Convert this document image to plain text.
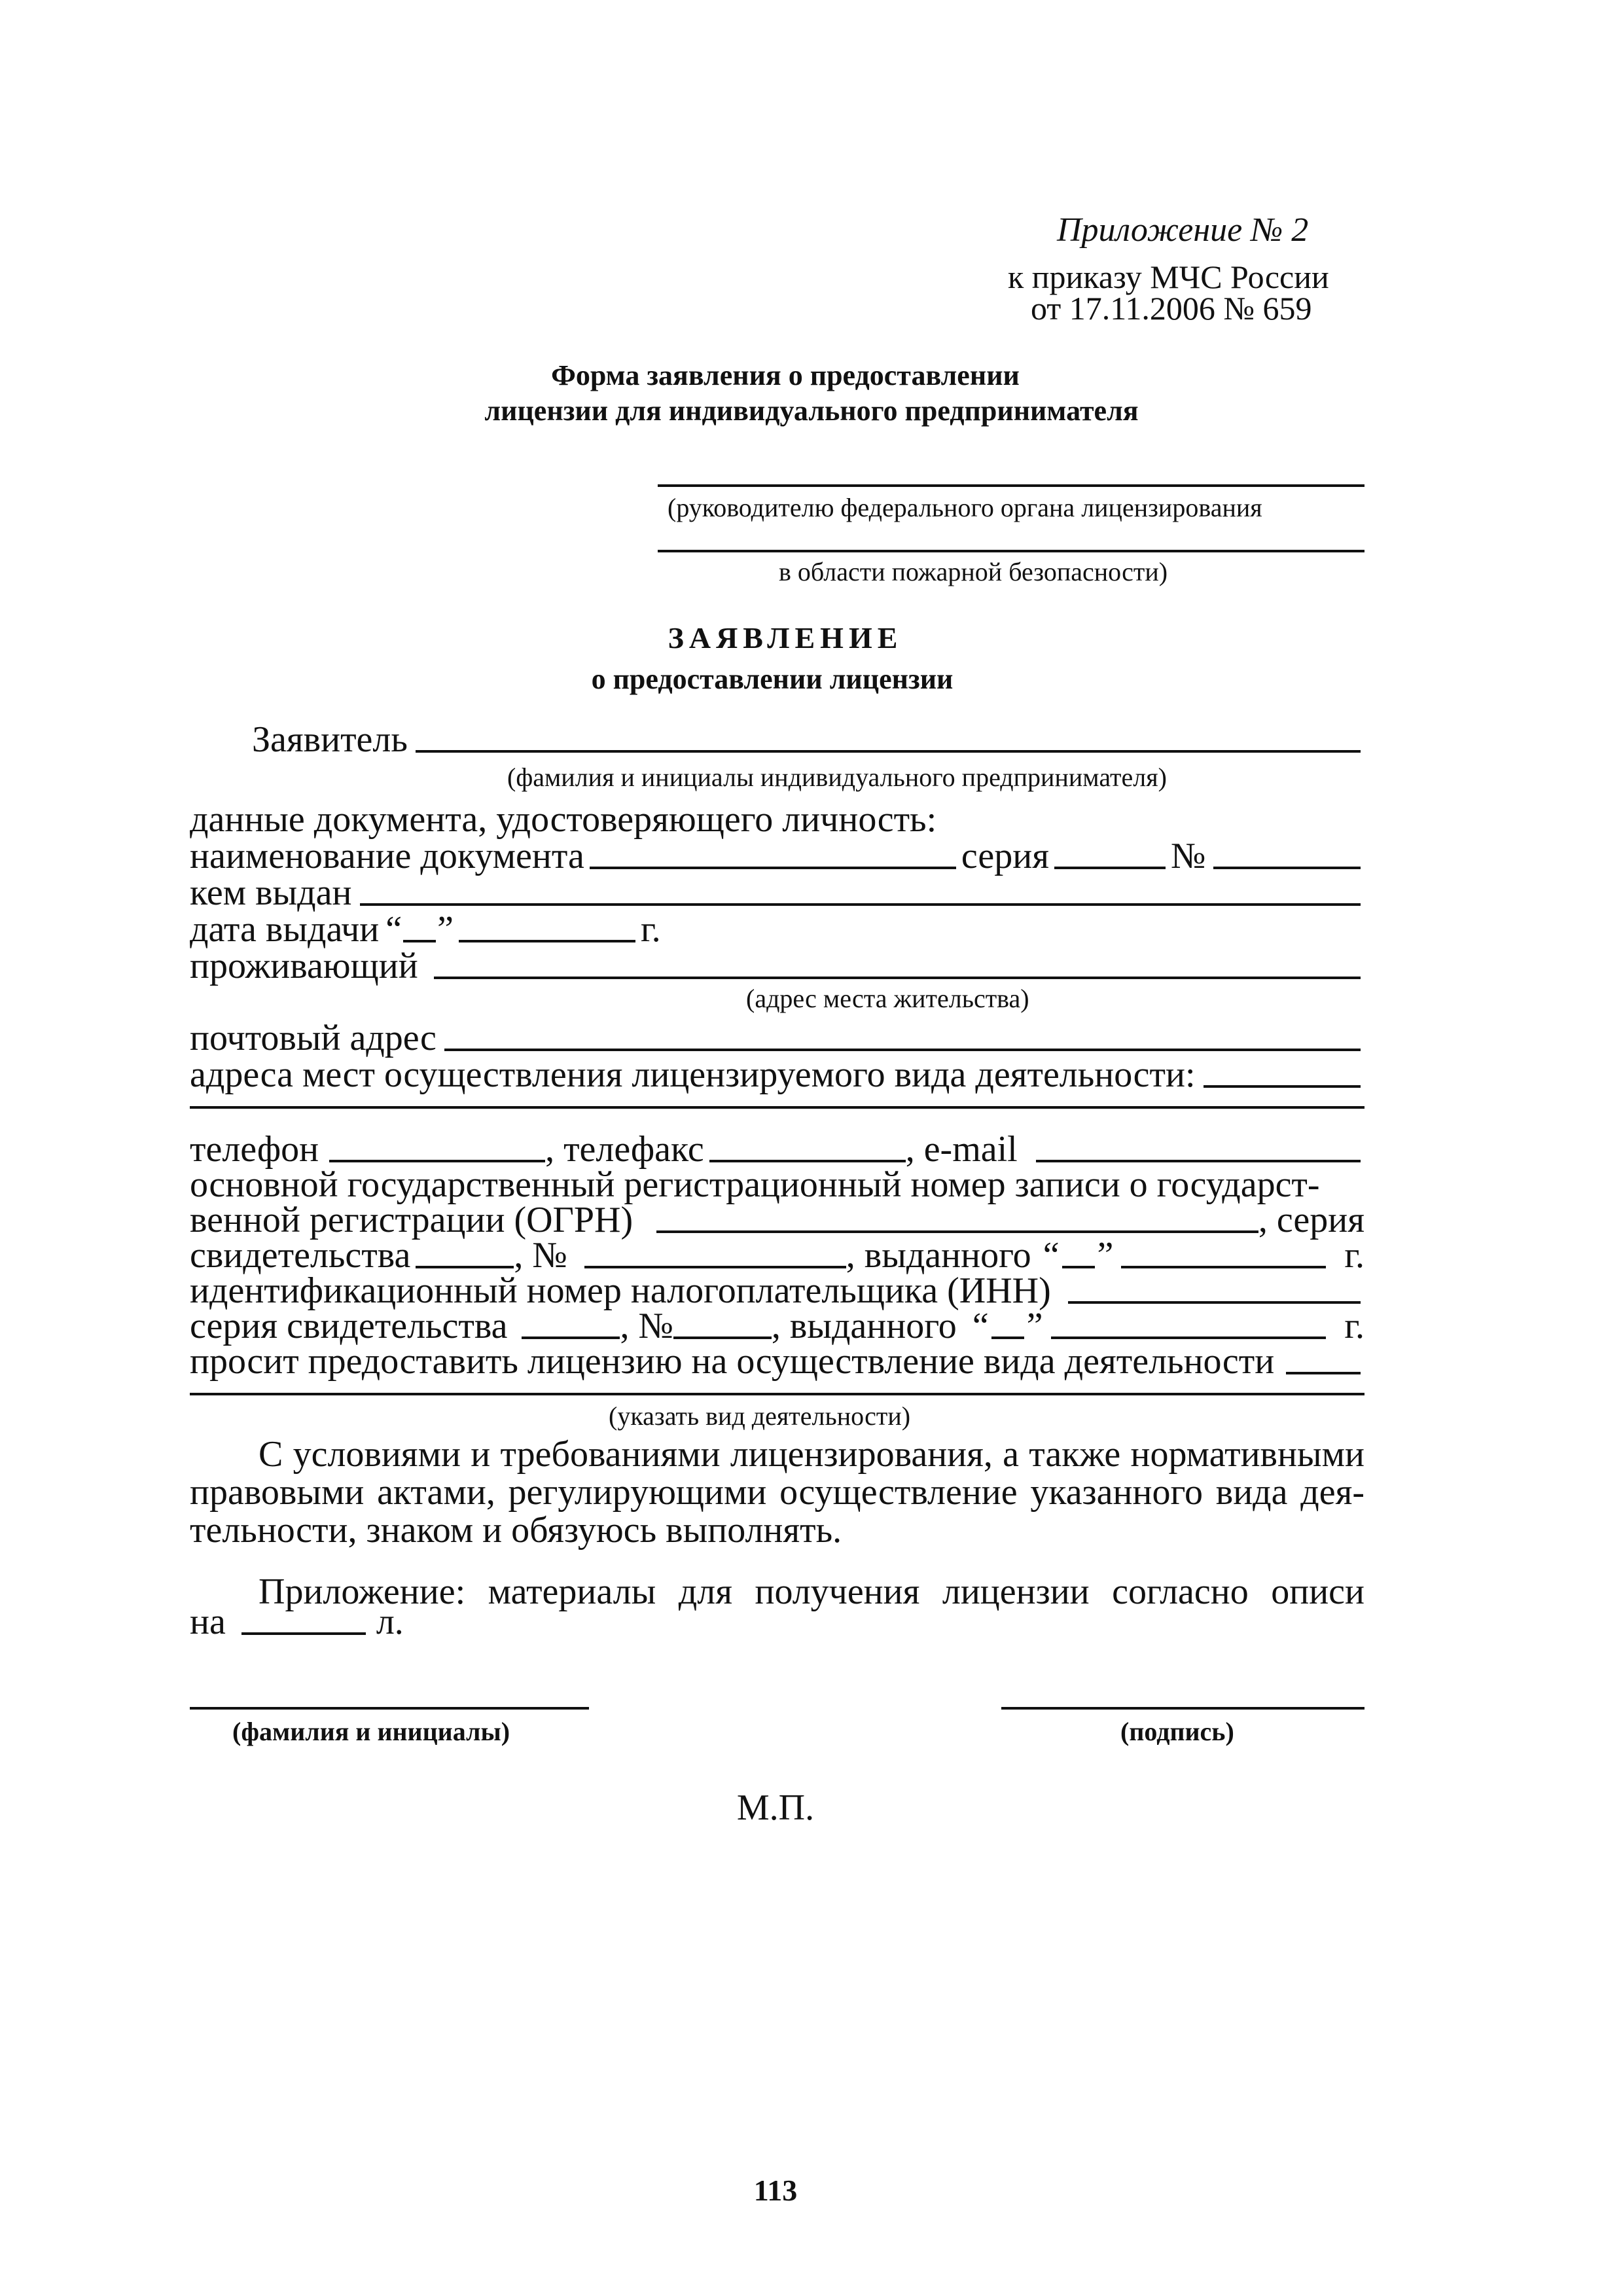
Приложение № 2
к приказу МЧС России
от 17.11.2006 № 659
Форма заявления о предоставлении
лицензии для индивидуального предпринимателя
(руководителю федерального органа лицензирования
в области пожарной безопасности)
ЗАЯВЛЕНИЕ
о предоставлении лицензии
Заявитель
(фамилия и инициалы индивидуального предпринимателя)
данные документа, удостоверяющего личность:
наименование документа	серия	№
кем выдан
дата выдачи “ ”	г.
проживающий
(адрес места жительства)
почтовый адрес
адреса мест осуществления лицензируемого вида деятельности:
телефон	, телефакс	, e-mail
основной государственный регистрационный номер записи о государст-
венной регистрации (ОГРН)	, серия
свидетельства	, №	, выданного “ ”	г.
идентификационный номер налогоплательщика (ИНН)
серия свидетельства	, №	, выданного “ ”	г.
просит предоставить лицензию на осуществление вида деятельности
(указать вид деятельности)
С условиями и требованиями лицензирования, а также нормативными
правовыми актами, регулирующими осуществление указанного вида дея-
тельности, знаком и обязуюсь выполнять.
Приложение: материалы для получения лицензии согласно описи
на	л.
(фамилия и инициалы)	(подпись)
М.П.
113
